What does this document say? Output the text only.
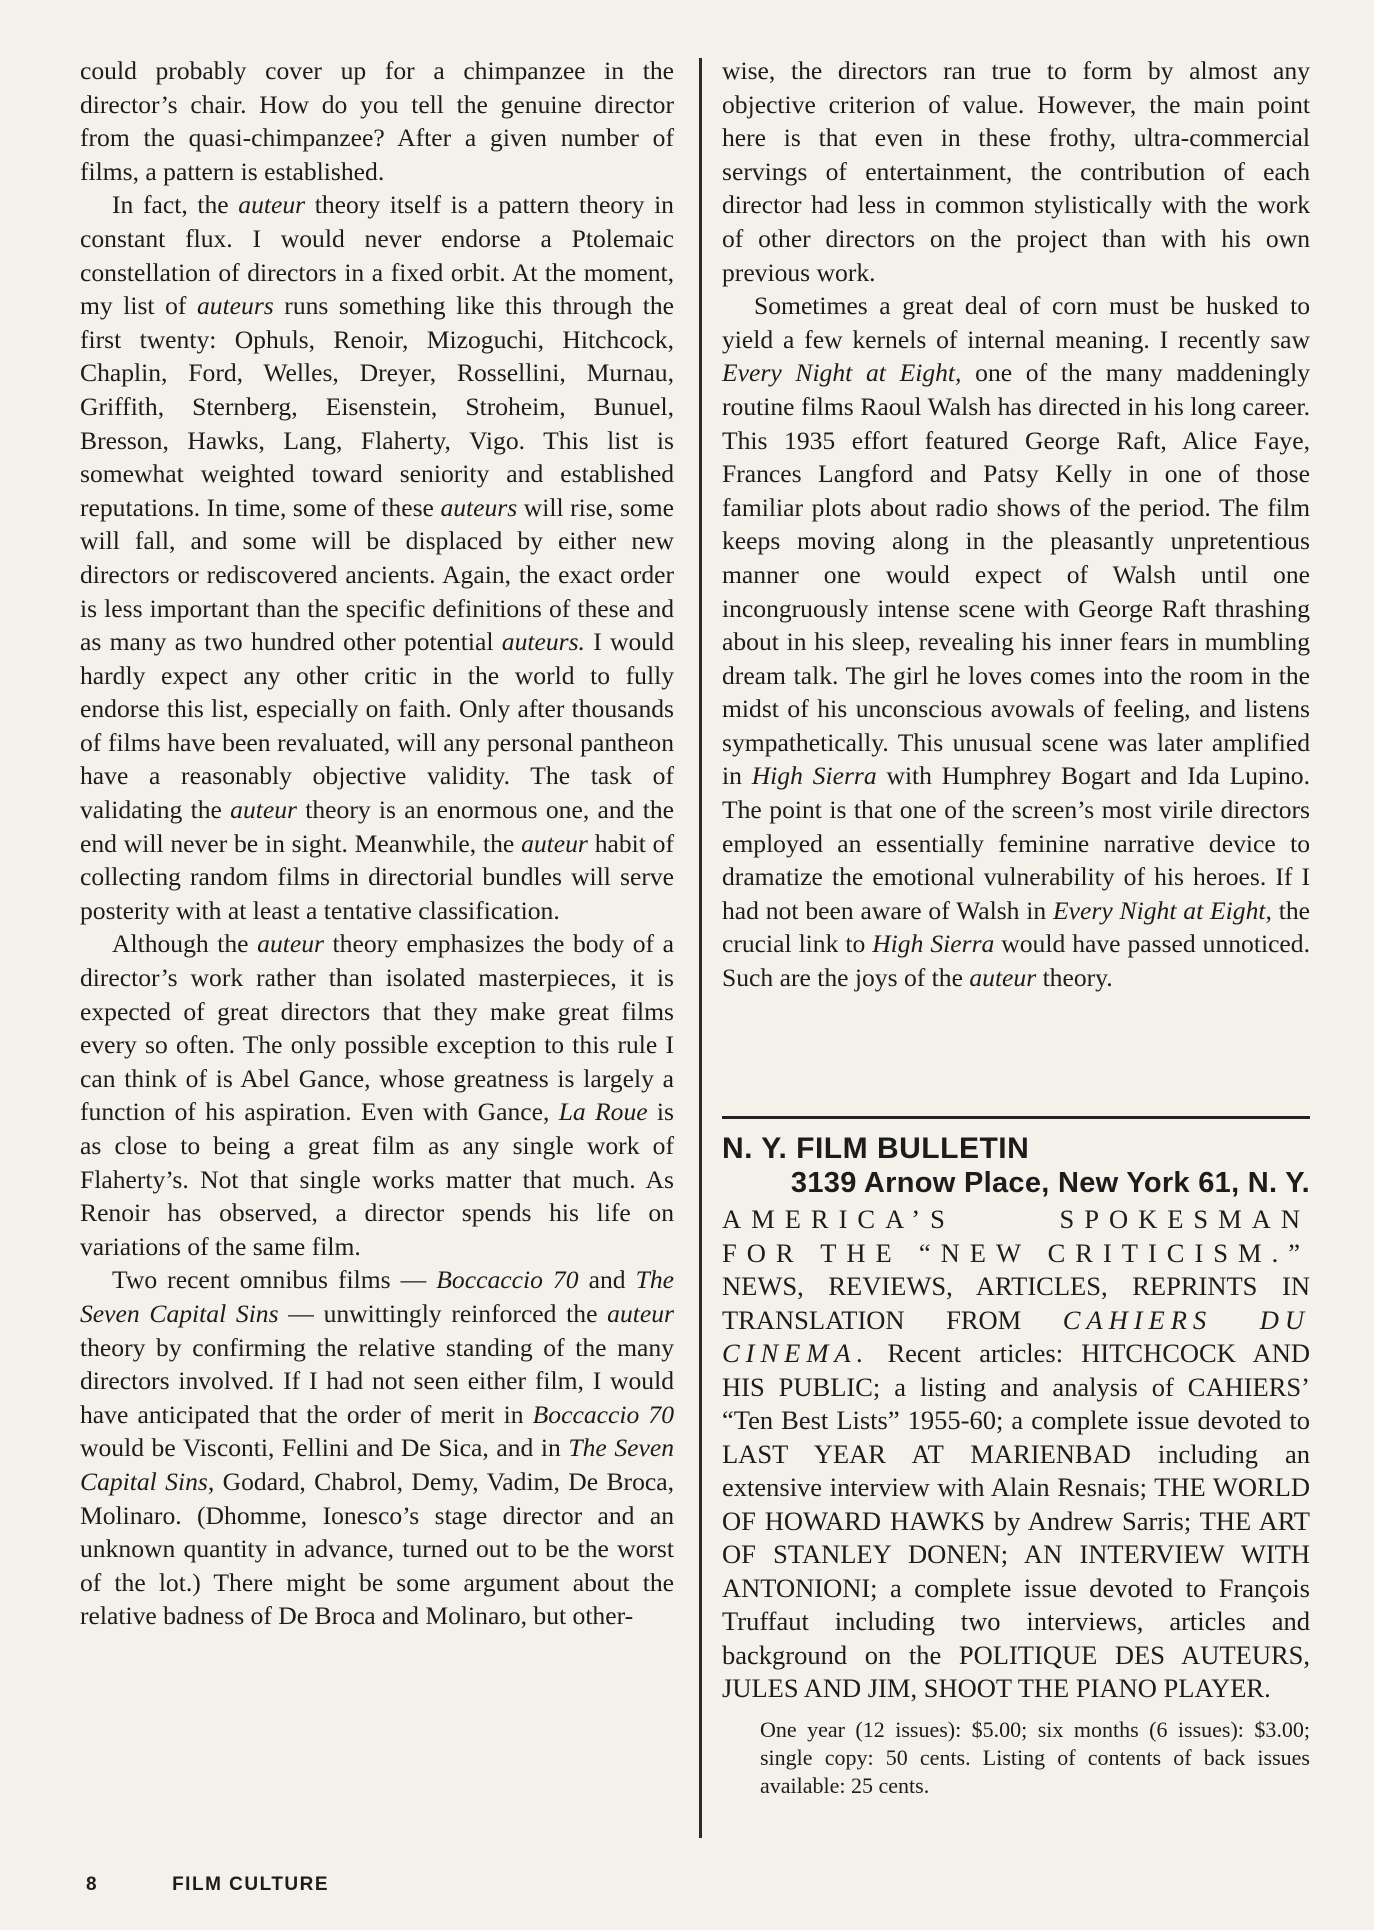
could probably cover up for a chimpanzee in the director’s chair. How do you tell the genuine director from the quasi-chimpanzee? After a given number of films, a pattern is established.

In fact, the auteur theory itself is a pattern theory in constant flux. I would never endorse a Ptolemaic constellation of directors in a fixed orbit. At the moment, my list of auteurs runs something like this through the first twenty: Ophuls, Renoir, Mizoguchi, Hitchcock, Chaplin, Ford, Welles, Dreyer, Rossellini, Murnau, Griffith, Sternberg, Eisenstein, Stroheim, Bunuel, Bresson, Hawks, Lang, Flaherty, Vigo. This list is somewhat weighted toward seniority and established reputations. In time, some of these auteurs will rise, some will fall, and some will be displaced by either new directors or rediscovered ancients. Again, the exact order is less important than the specific definitions of these and as many as two hundred other potential auteurs. I would hardly expect any other critic in the world to fully endorse this list, especially on faith. Only after thousands of films have been revaluated, will any personal pantheon have a reasonably objective validity. The task of validating the auteur theory is an enormous one, and the end will never be in sight. Meanwhile, the auteur habit of collecting random films in directorial bundles will serve posterity with at least a tentative classification.

Although the auteur theory emphasizes the body of a director’s work rather than isolated masterpieces, it is expected of great directors that they make great films every so often. The only possible exception to this rule I can think of is Abel Gance, whose greatness is largely a function of his aspiration. Even with Gance, La Roue is as close to being a great film as any single work of Flaherty’s. Not that single works matter that much. As Renoir has observed, a director spends his life on variations of the same film.

Two recent omnibus films — Boccaccio 70 and The Seven Capital Sins — unwittingly reinforced the auteur theory by confirming the relative standing of the many directors involved. If I had not seen either film, I would have anticipated that the order of merit in Boccaccio 70 would be Visconti, Fellini and De Sica, and in The Seven Capital Sins, Godard, Chabrol, Demy, Vadim, De Broca, Molinaro. (Dhomme, Ionesco’s stage director and an unknown quantity in advance, turned out to be the worst of the lot.) There might be some argument about the relative badness of De Broca and Molinaro, but other-

wise, the directors ran true to form by almost any objective criterion of value. However, the main point here is that even in these frothy, ultra-commercial servings of entertainment, the contribution of each director had less in common stylistically with the work of other directors on the project than with his own previous work.

Sometimes a great deal of corn must be husked to yield a few kernels of internal meaning. I recently saw Every Night at Eight, one of the many maddeningly routine films Raoul Walsh has directed in his long career. This 1935 effort featured George Raft, Alice Faye, Frances Langford and Patsy Kelly in one of those familiar plots about radio shows of the period. The film keeps moving along in the pleasantly unpretentious manner one would expect of Walsh until one incongruously intense scene with George Raft thrashing about in his sleep, revealing his inner fears in mumbling dream talk. The girl he loves comes into the room in the midst of his unconscious avowals of feeling, and listens sympathetically. This unusual scene was later amplified in High Sierra with Humphrey Bogart and Ida Lupino. The point is that one of the screen’s most virile directors employed an essentially feminine narrative device to dramatize the emotional vulnerability of his heroes. If I had not been aware of Walsh in Every Night at Eight, the crucial link to High Sierra would have passed unnoticed. Such are the joys of the auteur theory.

N. Y. FILM BULLETIN
3139 Arnow Place, New York 61, N. Y.
AMERICA’S SPOKESMAN FOR THE “NEW CRITICISM.” NEWS, REVIEWS, ARTICLES, REPRINTS IN TRANSLATION FROM CAHIERS DU CINEMA. Recent articles: HITCHCOCK AND HIS PUBLIC; a listing and analysis of CAHIERS’ “Ten Best Lists” 1955-60; a complete issue devoted to LAST YEAR AT MARIENBAD including an extensive interview with Alain Resnais; THE WORLD OF HOWARD HAWKS by Andrew Sarris; THE ART OF STANLEY DONEN; AN INTERVIEW WITH ANTONIONI; a complete issue devoted to François Truffaut including two interviews, articles and background on the POLITIQUE DES AUTEURS, JULES AND JIM, SHOOT THE PIANO PLAYER.
One year (12 issues): $5.00; six months (6 issues): $3.00; single copy: 50 cents. Listing of contents of back issues available: 25 cents.
8	FILM CULTURE
